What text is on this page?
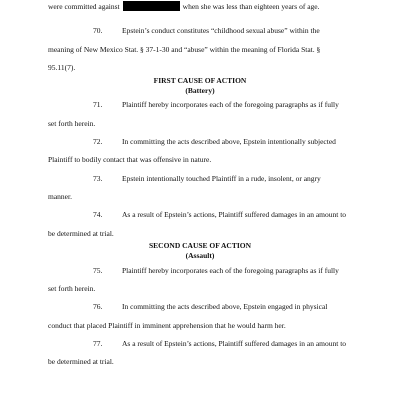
were committed against	when she was less than eighteen years of age.
70.	Epstein’s conduct constitutes “childhood sexual abuse” within the
meaning of New Mexico Stat. § 37-1-30 and “abuse” within the meaning of Florida Stat. §
95.11(7).
FIRST CAUSE OF ACTION
(Battery)
71.	Plaintiff hereby incorporates each of the foregoing paragraphs as if fully
set forth herein.
72.	In committing the acts described above, Epstein intentionally subjected
Plaintiff to bodily contact that was offensive in nature.
73.	Epstein intentionally touched Plaintiff in a rude, insolent, or angry
manner.
74.	As a result of Epstein’s actions, Plaintiff suffered damages in an amount to
be determined at trial.
SECOND CAUSE OF ACTION
(Assault)
75.	Plaintiff hereby incorporates each of the foregoing paragraphs as if fully
set forth herein.
76.	In committing the acts described above, Epstein engaged in physical
conduct that placed Plaintiff in imminent apprehension that he would harm her.
77.	As a result of Epstein’s actions, Plaintiff suffered damages in an amount to
be determined at trial.
